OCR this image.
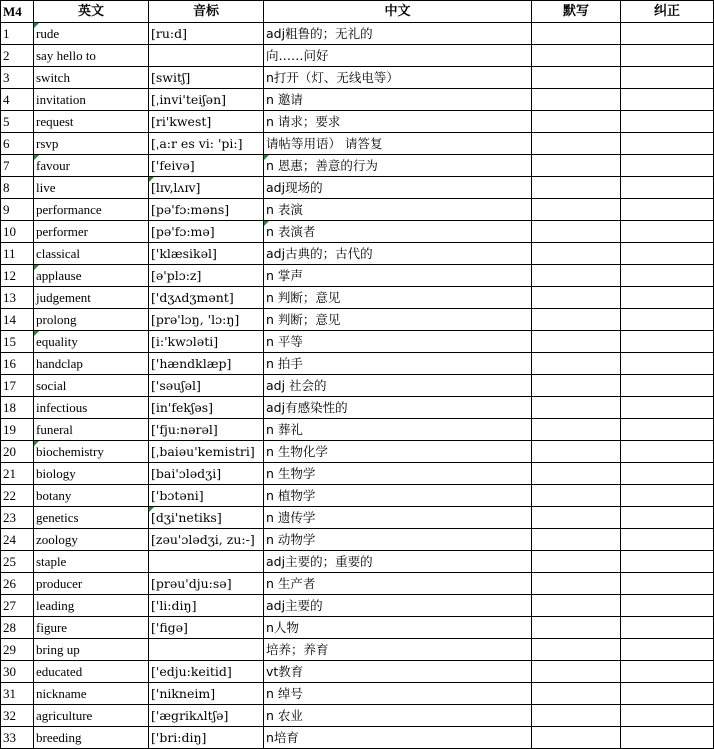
M4	英文	音标	中文	默写	纠正
1	rude	[ru:d]	adj粗鲁的；无礼的		
2	say hello to		向……问好		
3	switch	[switʃ]	n打开（灯、无线电等）		
4	invitation	[ˌinvi'teiʃən]	n 邀请		
5	request	[ri'kwest]	n 请求；要求		
6	rsvp	[ˌa:r es vi: 'pi:]	请帖等用语） 请答复		
7	favour	['feivə]	n 恩惠；善意的行为		
8	live	[lɪv,lʌɪv]	adj现场的		
9	performance	[pə'fɔ:məns]	n 表演		
10	performer	[pə'fɔ:mə]	n 表演者		
11	classical	['klæsikəl]	adj古典的；古代的		
12	applause	[ə'plɔ:z]	n 掌声		
13	judgement	['dʒʌdʒmənt]	n 判断；意见		
14	prolong	[prə'lɔŋ, 'lɔ:ŋ]	n 判断；意见		
15	equality	[i:'kwɔləti]	n 平等		
16	handclap	['hændklæp]	n 拍手		
17	social	['səuʃəl]	adj 社会的		
18	infectious	[in'fekʃəs]	adj有感染性的		
19	funeral	['fju:nərəl]	n 葬礼		
20	biochemistry	[ˌbaiəu'kemistri]	n 生物化学		
21	biology	[bai'ɔlədʒi]	n 生物学		
22	botany	['bɔtəni]	n 植物学		
23	genetics	[dʒi'netiks]	n 遗传学		
24	zoology	[zəu'ɔlədʒi, zu:-]	n 动物学		
25	staple		adj主要的；重要的		
26	producer	[prəu'dju:sə]	n 生产者		
27	leading	['li:diŋ]	adj主要的		
28	figure	['figə]	n人物		
29	bring up		培养；养育		
30	educated	['edju:keitid]	vt教育		
31	nickname	['nikneim]	n 绰号		
32	agriculture	['ægrikʌltʃə]	n 农业		
33	breeding	['bri:diŋ]	n培育		
